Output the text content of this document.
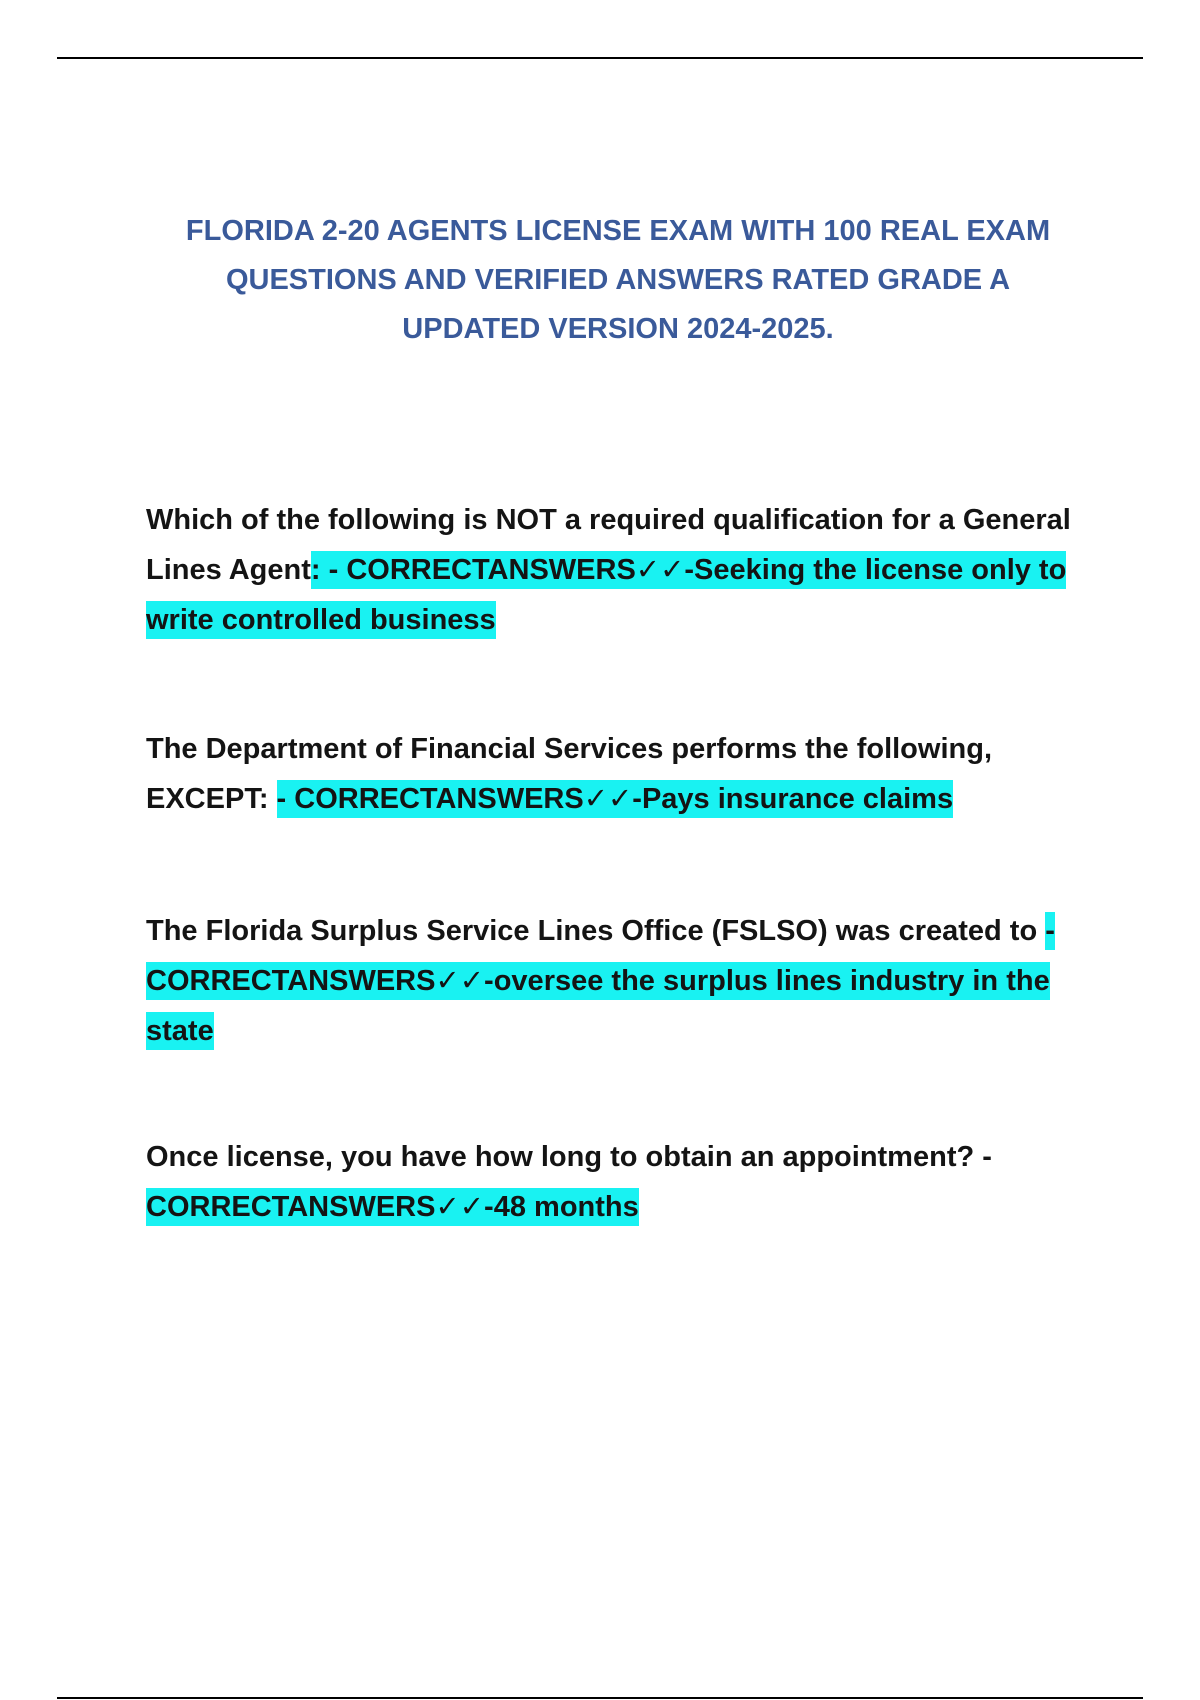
FLORIDA 2-20 AGENTS LICENSE EXAM WITH 100 REAL EXAM
QUESTIONS AND VERIFIED ANSWERS RATED GRADE A
UPDATED VERSION 2024-2025.

Which of the following is NOT a required qualification for a General Lines Agent: - CORRECTANSWERS✓✓-Seeking the license only to write controlled business

The Department of Financial Services performs the following, EXCEPT: - CORRECTANSWERS✓✓-Pays insurance claims

The Florida Surplus Service Lines Office (FSLSO) was created to - CORRECTANSWERS✓✓-oversee the surplus lines industry in the state

Once license, you have how long to obtain an appointment? - CORRECTANSWERS✓✓-48 months
